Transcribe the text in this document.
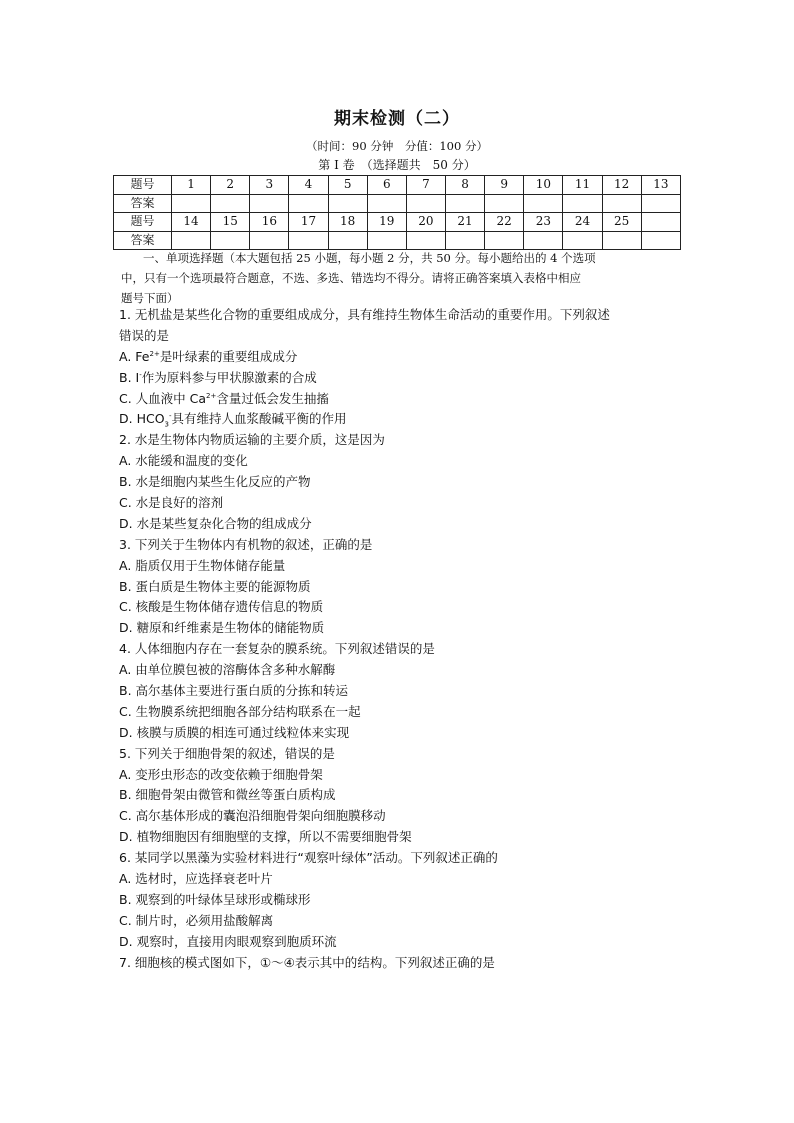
期末检测（二）
（时间：90 分钟　分值：100 分）
第 I 卷　（选择题共　50 分）
题号	1	2	3	4	5	6	7	8	9	10	11	12	13
答案													
题号	14	15	16	17	18	19	20	21	22	23	24	25	
答案													
一、单项选择题（本大题包括 25 小题，每小题 2 分，共 50 分。每小题给出的 4 个选项
中，只有一个选项最符合题意，不选、多选、错选均不得分。请将正确答案填入表格中相应
题号下面）
1. 无机盐是某些化合物的重要组成成分，具有维持生物体生命活动的重要作用。下列叙述
错误的是
A. $Fe^{2+}$是叶绿素的重要组成成分
B. I-作为原料参与甲状腺激素的合成
C. 人血液中 $Ca^{2+}$含量过低会发生抽搐
D. $HCO_3^-$具有维持人血浆酸碱平衡的作用
2. 水是生物体内物质运输的主要介质，这是因为
A. 水能缓和温度的变化
B. 水是细胞内某些生化反应的产物
C. 水是良好的溶剂
D. 水是某些复杂化合物的组成成分
3. 下列关于生物体内有机物的叙述，正确的是
A. 脂质仅用于生物体储存能量
B. 蛋白质是生物体主要的能源物质
C. 核酸是生物体储存遗传信息的物质
D. 糖原和纤维素是生物体的储能物质
4. 人体细胞内存在一套复杂的膜系统。下列叙述错误的是
A. 由单位膜包被的溶酶体含多种水解酶
B. 高尔基体主要进行蛋白质的分拣和转运
C. 生物膜系统把细胞各部分结构联系在一起
D. 核膜与质膜的相连可通过线粒体来实现
5. 下列关于细胞骨架的叙述，错误的是
A. 变形虫形态的改变依赖于细胞骨架
B. 细胞骨架由微管和微丝等蛋白质构成
C. 高尔基体形成的囊泡沿细胞骨架向细胞膜移动
D. 植物细胞因有细胞壁的支撑，所以不需要细胞骨架
6. 某同学以黑藻为实验材料进行“观察叶绿体”活动。下列叙述正确的
A. 选材时，应选择衰老叶片
B. 观察到的叶绿体呈球形或椭球形
C. 制片时，必须用盐酸解离
D. 观察时，直接用肉眼观察到胞质环流
7. 细胞核的模式图如下，①～④表示其中的结构。下列叙述正确的是
